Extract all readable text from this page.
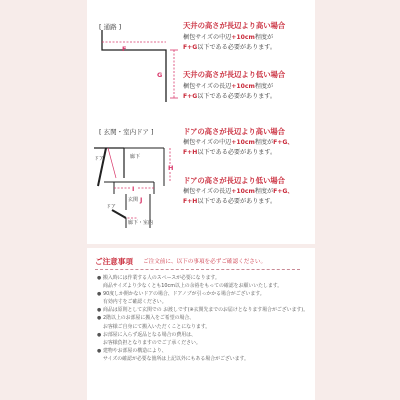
[ 通路 ]
F
G
天井の高さが長辺より高い場合
梱包サイズの中辺+10cm程度が
F+G以下である必要があります。
天井の高さが長辺より低い場合
梱包サイズの長辺+10cm程度が
F+G以下である必要があります。
[ 玄関・室内ドア ]
H
ドア	廊下
I
玄関 J
ドア
廊下・室内
ドアの高さが長辺より高い場合
梱包サイズの中辺+10cm程度がF+G、
F+H以下である必要があります。
ドアの高さが長辺より低い場合
梱包サイズの長辺+10cm程度がF+G、
F+H以下である必要があります。
ご注意事項 ご注文前に、以下の事項を必ずご確認ください。
● 搬入時には作業する人のスペースが必要になります。
商品サイズより少なくとも10cm以上の余裕をもっての確認をお願いいたします。
● 90度しか開かないドアの場合、ドアノブが引っかかる場合がございます。
有効内寸をご確認ください。
● 商品は原則として玄関での お渡しです(※玄関先までのお届けとなります場合がございます)。
● 2階以上のお部屋に搬入をご希望の場合、
お客様ご自身にて搬入いただくことになります。
● お部屋に入らず返品となる場合の費用は、
お客様負担となりますのでご了承ください。
● 建物やお部屋の構造により、
サイズの確認が必要な箇所は上記以外にもある場合がございます。
